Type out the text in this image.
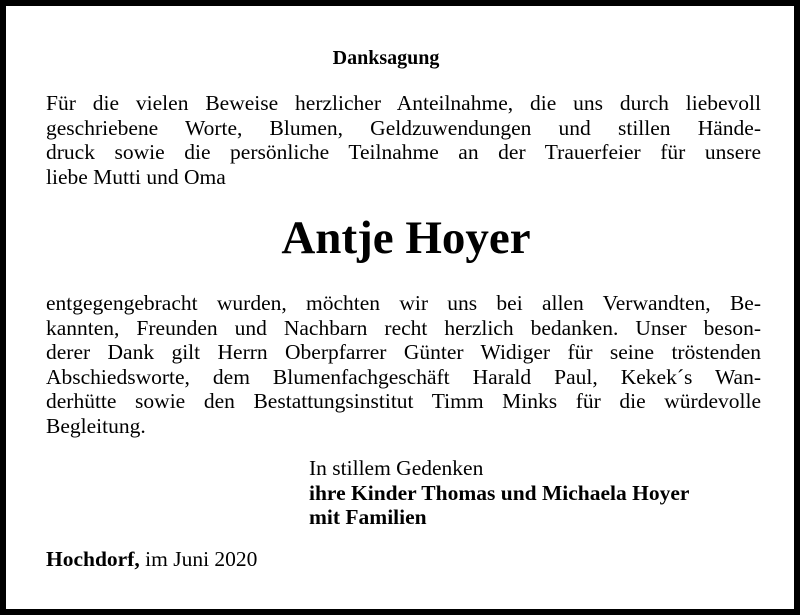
Danksagung
Für die vielen Beweise herzlicher Anteilnahme, die uns durch liebevoll
geschriebene Worte, Blumen, Geldzuwendungen und stillen Hände-
druck sowie die persönliche Teilnahme an der Trauerfeier für unsere
liebe Mutti und Oma
Antje Hoyer
entgegengebracht wurden, möchten wir uns bei allen Verwandten, Be-
kannten, Freunden und Nachbarn recht herzlich bedanken. Unser beson-
derer Dank gilt Herrn Oberpfarrer Günter Widiger für seine tröstenden
Abschiedsworte, dem Blumenfachgeschäft Harald Paul, Kekek´s Wan-
derhütte sowie den Bestattungsinstitut Timm Minks für die würdevolle
Begleitung.
In stillem Gedenken
ihre Kinder Thomas und Michaela Hoyer
mit Familien
Hochdorf, im Juni 2020
